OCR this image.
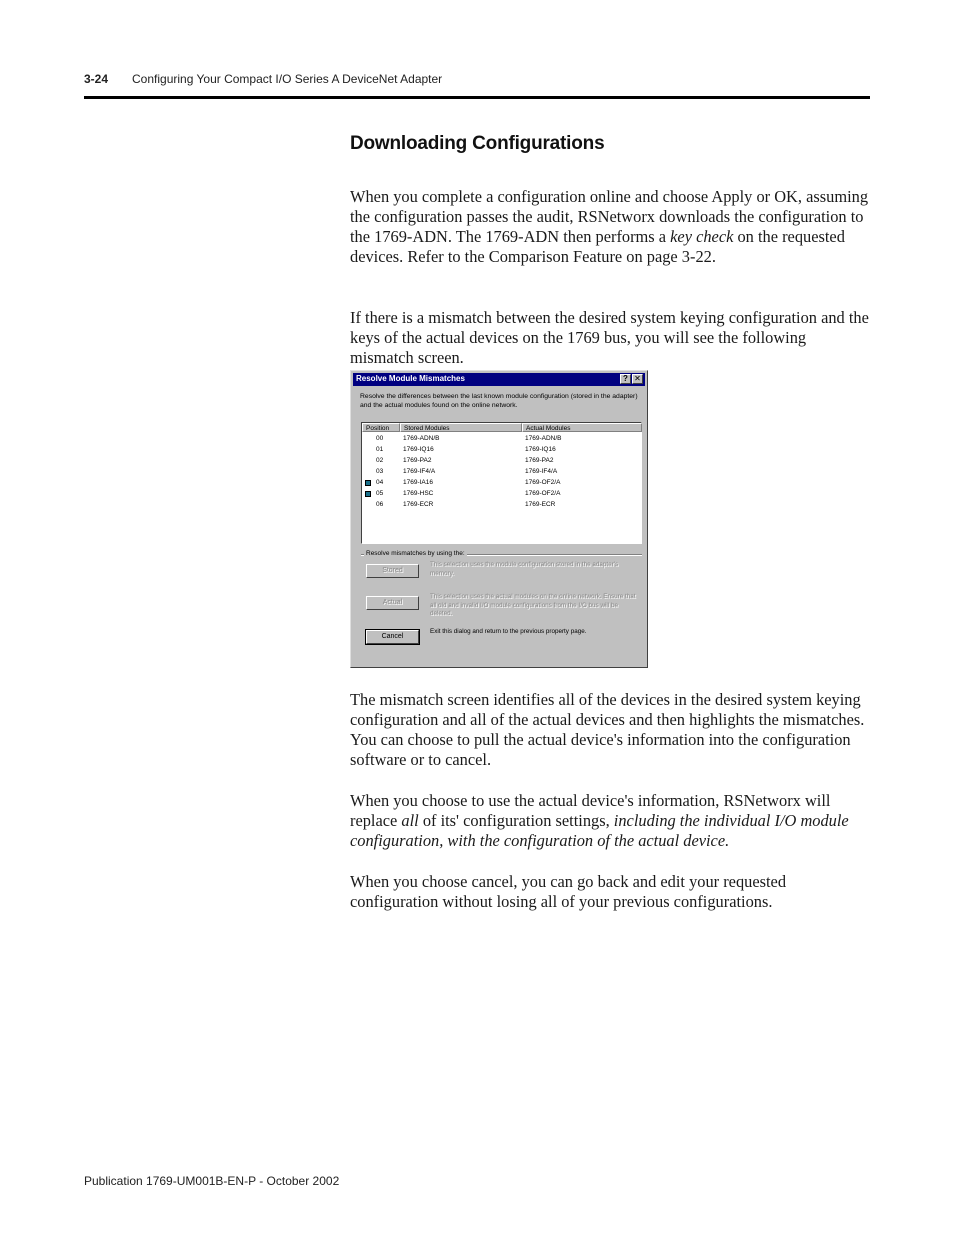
3-24 Configuring Your Compact I/O Series A DeviceNet Adapter
Downloading Configurations

When you complete a configuration online and choose Apply or OK, assuming the configuration passes the audit, RSNetworx downloads the configuration to the 1769-ADN. The 1769-ADN then performs a key check on the requested devices. Refer to the Comparison Feature on page 3-22.

If there is a mismatch between the desired system keying configuration and the keys of the actual devices on the 1769 bus, you will see the following mismatch screen.

Resolve Module Mismatches	? ✕
Resolve the differences between the last known module configuration (stored in the adapter) and the actual modules found on the online network.
Position Stored Modules	Actual Modules
00	1769-ADN/B	1769-ADN/B
01	1769-IQ16	1769-IQ16
02	1769-PA2	1769-PA2
03	1769-IF4/A	1769-IF4/A
04	1769-IA16	1769-OF2/A
05	1769-HSC	1769-OF2/A
06	1769-ECR	1769-ECR
Resolve mismatches by using the:
Stored
This selection uses the module configuration stored in the adapter's memory.
Actual
This selection uses the actual modules on the online network. Ensure that all old and invalid I/O module configurations from the I/O bus will be deleted.
Cancel
Exit this dialog and return to the previous property page.

The mismatch screen identifies all of the devices in the desired system keying configuration and all of the actual devices and then highlights the mismatches. You can choose to pull the actual device's information into the configuration software or to cancel.

When you choose to use the actual device's information, RSNetworx will replace all of its' configuration settings, including the individual I/O module configuration, with the configuration of the actual device.

When you choose cancel, you can go back and edit your requested configuration without losing all of your previous configurations.

Publication 1769-UM001B-EN-P - October 2002
